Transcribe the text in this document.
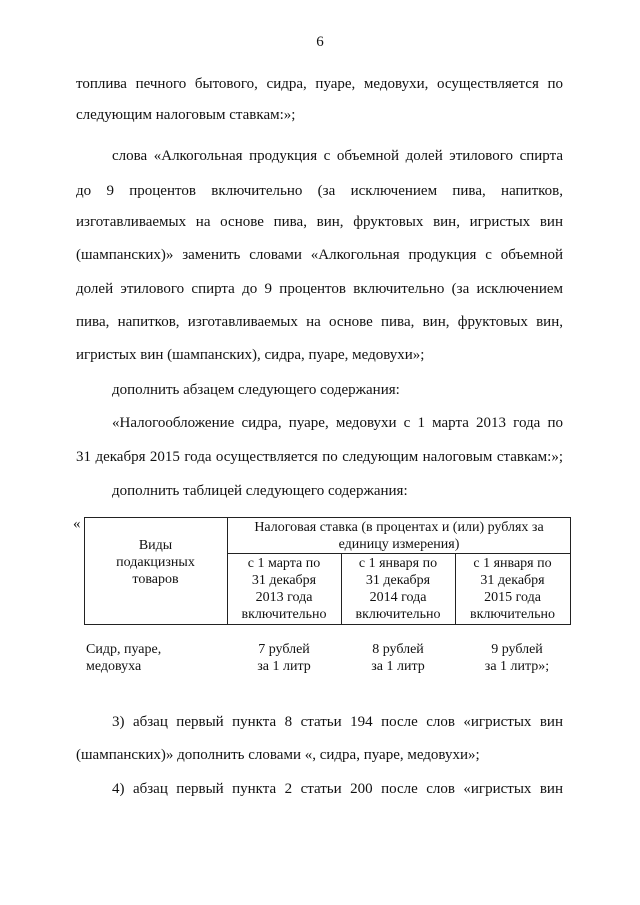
6
топлива печного бытового, сидра, пуаре, медовухи, осуществляется по
следующим налоговым ставкам:»;
слова «Алкогольная продукция с объемной долей этилового спирта
до 9 процентов включительно (за исключением пива, напитков,
изготавливаемых на основе пива, вин, фруктовых вин, игристых вин
(шампанских)» заменить словами «Алкогольная продукция с объемной
долей этилового спирта до 9 процентов включительно (за исключением
пива, напитков, изготавливаемых на основе пива, вин, фруктовых вин,
игристых вин (шампанских), сидра, пуаре, медовухи»;
дополнить абзацем следующего содержания:
«Налогообложение сидра, пуаре, медовухи с 1 марта 2013 года по
31 декабря 2015 года осуществляется по следующим налоговым ставкам:»;
дополнить таблицей следующего содержания:
«
Виды
подакцизных
товаров
Налоговая ставка (в процентах и (или) рублях за
единицу измерения)
с 1 марта по
31 декабря
2013 года
включительно
с 1 января по
31 декабря
2014 года
включительно
с 1 января по
31 декабря
2015 года
включительно
Сидр, пуаре,
медовуха
7 рублей
за 1 литр
8 рублей
за 1 литр
9 рублей
за 1 литр»;
3) абзац первый пункта 8 статьи 194 после слов «игристых вин
(шампанских)» дополнить словами «, сидра, пуаре, медовухи»;
4) абзац первый пункта 2 статьи 200 после слов «игристых вин
